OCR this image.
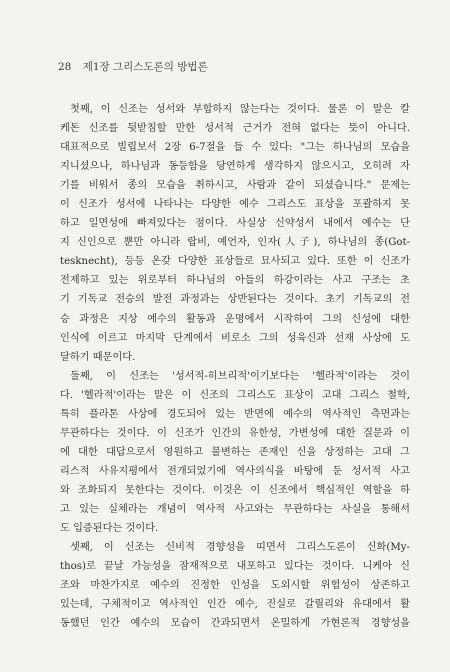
28 제1장 그리스도론의 방법론
첫째, 이 신조는 성서와 부합하지 않는다는 것이다. 물론 이 말은 칼
케돈 신조를 뒷받침할 만한 성서적 근거가 전혀 없다는 뜻이 아니다.
대표적으로 빌립보서 2장 6-7절을 들 수 있다: "그는 하나님의 모습을
지니셨으나, 하나님과 동등함을 당연하게 생각하지 않으시고, 오히려 자
기를 비워서 종의 모습을 취하시고, 사람과 같이 되셨습니다." 문제는
이 신조가 성서에 나타나는 다양한 예수 그리스도 표상을 포괄하지 못
하고 일면성에 빠져있다는 점이다. 사실상 신약성서 내에서 예수는 단
지 신인으로 뿐만 아니라 랍비, 예언자, 인자(人子), 하나님의 종(Got-
tesknecht), 등등 온갖 다양한 표상들로 묘사되고 있다. 또한 이 신조가
전제하고 있는 위로부터 하나님의 아들의 하강이라는 사고 구조는 초
기 기독교 전승의 발전 과정과는 상반된다는 것이다. 초기 기독교의 전
승 과정은 지상 예수의 활동과 운명에서 시작하여 그의 신성에 대한
인식에 이르고 마지막 단계에서 비로소 그의 성육신과 선재 사상에 도
달하기 때문이다.
둘째, 이 신조는 '성서적-히브리적'이기보다는 '헬라적'이라는 것이
다. '헬라적'이라는 말은 이 신조의 그리스도 표상이 고대 그리스 철학,
특히 플라톤 사상에 경도되어 있는 반면에 예수의 역사적인 측면과는
무관하다는 것이다. 이 신조가 인간의 유한성, 가변성에 대한 질문과 이
에 대한 대답으로서 영원하고 불변하는 존재인 신을 상정하는 고대 그
리스적 사유지평에서 전개되었기에 역사의식을 바탕에 둔 성서적 사고
와 조화되지 못한다는 것이다. 이것은 이 신조에서 핵심적인 역할을 하
고 있는 실체라는 개념이 역사적 사고와는 무관하다는 사실을 통해서
도 입증된다는 것이다.
셋째, 이 신조는 신비적 경향성을 띠면서 그리스도론이 신화(My-
thos)로 끝날 가능성을 잠재적으로 내포하고 있다는 것이다. 니케아 신
조와 마찬가지로 예수의 진정한 인성을 도외시할 위험성이 상존하고
있는데, 구체적이고 역사적인 인간 예수, 진실로 갈릴리와 유대에서 활
동했던 인간 예수의 모습이 간과되면서 온밀하게 가현론적 경향성을
